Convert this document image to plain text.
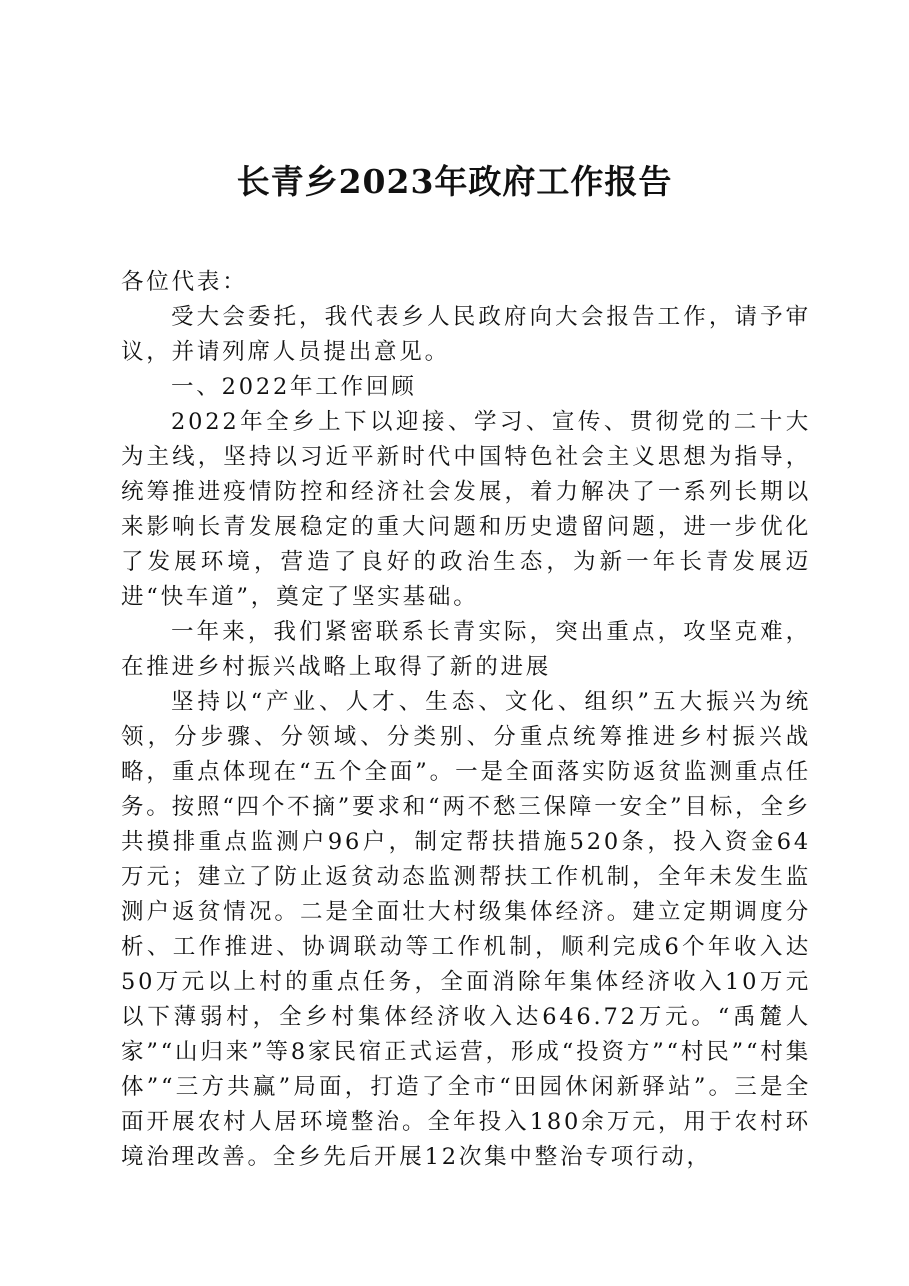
长青乡2023年政府工作报告

各位代表：

受大会委托，我代表乡人民政府向大会报告工作，请予审议，并请列席人员提出意见。

一、2022年工作回顾

2022年全乡上下以迎接、学习、宣传、贯彻党的二十大为主线，坚持以习近平新时代中国特色社会主义思想为指导，统筹推进疫情防控和经济社会发展，着力解决了一系列长期以来影响长青发展稳定的重大问题和历史遗留问题，进一步优化了发展环境，营造了良好的政治生态，为新一年长青发展迈进“快车道”，奠定了坚实基础。

一年来，我们紧密联系长青实际，突出重点，攻坚克难，在推进乡村振兴战略上取得了新的进展

坚持以“产业、人才、生态、文化、组织”五大振兴为统领，分步骤、分领域、分类别、分重点统筹推进乡村振兴战略，重点体现在“五个全面”。一是全面落实防返贫监测重点任务。按照“四个不摘”要求和“两不愁三保障一安全”目标，全乡共摸排重点监测户96户，制定帮扶措施520条，投入资金64万元；建立了防止返贫动态监测帮扶工作机制，全年未发生监测户返贫情况。二是全面壮大村级集体经济。建立定期调度分析、工作推进、协调联动等工作机制，顺利完成6个年收入达50万元以上村的重点任务，全面消除年集体经济收入10万元以下薄弱村，全乡村集体经济收入达646.72万元。“禹麓人家”“山归来”等8家民宿正式运营，形成“投资方”“村民”“村集体”“三方共赢”局面，打造了全市“田园休闲新驿站”。三是全面开展农村人居环境整治。全年投入180余万元，用于农村环境治理改善。全乡先后开展12次集中整治专项行动，
